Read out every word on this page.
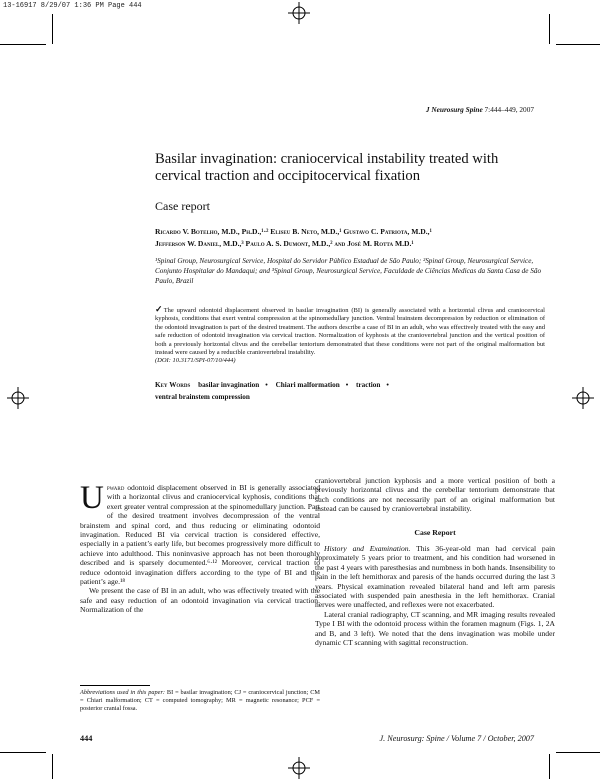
13-16917 8/29/07 1:36 PM Page 444
J Neurosurg Spine 7:444–449, 2007
Basilar invagination: craniocervical instability treated with cervical traction and occipitocervical fixation
Case report
Ricardo V. Botelho, M.D., Ph.D.,¹·² Eliseu B. Neto, M.D.,¹ Gustavo C. Patriota, M.D.,¹
Jefferson W. Daniel, M.D.,³ Paulo A. S. Dumont, M.D.,² and José M. Rotta M.D.¹
¹Spinal Group, Neurosurgical Service, Hospital do Servidor Público Estadual de São Paulo; ²Spinal Group, Neurosurgical Service, Conjunto Hospitalar do Mandaqui; and ³Spinal Group, Neurosurgical Service, Faculdade de Ciências Medicas da Santa Casa de São Paulo, Brazil
✓The upward odontoid displacement observed in basilar invagination (BI) is generally associated with a horizontal clivus and craniocervical kyphosis, conditions that exert ventral compression at the spinomedullary junction. Ventral brainstem decompression by reduction or elimination of the odontoid invagination is part of the desired treatment. The authors describe a case of BI in an adult, who was effectively treated with the easy and safe reduction of odontoid invagination via cervical traction. Normalization of kyphosis at the craniovertebral junction and the vertical position of both a previously horizontal clivus and the cerebellar tentorium demonstrated that these conditions were not part of the original malformation but instead were caused by a reducible craniovertebral instability.
(DOI: 10.3171/SPI-07/10/444)
Key Words basilar invagination • Chiari malformation • traction •
ventral brainstem compression

Upward odontoid displacement observed in BI is generally associated with a horizontal clivus and craniocervical kyphosis, conditions that exert greater ventral compression at the spinomedullary junction. Part of the desired treatment involves decompression of the ventral brainstem and spinal cord, and thus reducing or eliminating odontoid invagination. Reduced BI via cervical traction is considered effective, especially in a patient’s early life, but becomes progressively more difficult to achieve into adulthood. This noninvasive approach has not been thoroughly described and is sparsely documented.⁶·¹² Moreover, cervical traction to reduce odontoid invagination differs according to the type of BI and the patient’s age.¹⁸

We present the case of BI in an adult, who was effectively treated with the safe and easy reduction of an odontoid invagination via cervical traction. Normalization of the

craniovertebral junction kyphosis and a more vertical position of both a previously horizontal clivus and the cerebellar tentorium demonstrate that such conditions are not necessarily part of an original malformation but instead can be caused by craniovertebral instability.

Case Report

History and Examination. This 36-year-old man had cervical pain approximately 5 years prior to treatment, and his condition had worsened in the past 4 years with paresthesias and numbness in both hands. Insensibility to pain in the left hemithorax and paresis of the hands occurred during the last 3 years. Physical examination revealed bilateral hand and left arm paresis associated with suspended pain anesthesia in the left hemithorax. Cranial nerves were unaffected, and reflexes were not exacerbated.

Lateral cranial radiography, CT scanning, and MR imaging results revealed Type I BI with the odontoid process within the foramen magnum (Figs. 1, 2A and B, and 3 left). We noted that the dens invagination was mobile under dynamic CT scanning with sagittal reconstruction.

Abbreviations used in this paper: BI = basilar invagination; CJ = craniocervical junction; CM = Chiari malformation; CT = computed tomography; MR = magnetic resonance; PCF = posterior cranial fossa.
444	J. Neurosurg: Spine / Volume 7 / October, 2007
